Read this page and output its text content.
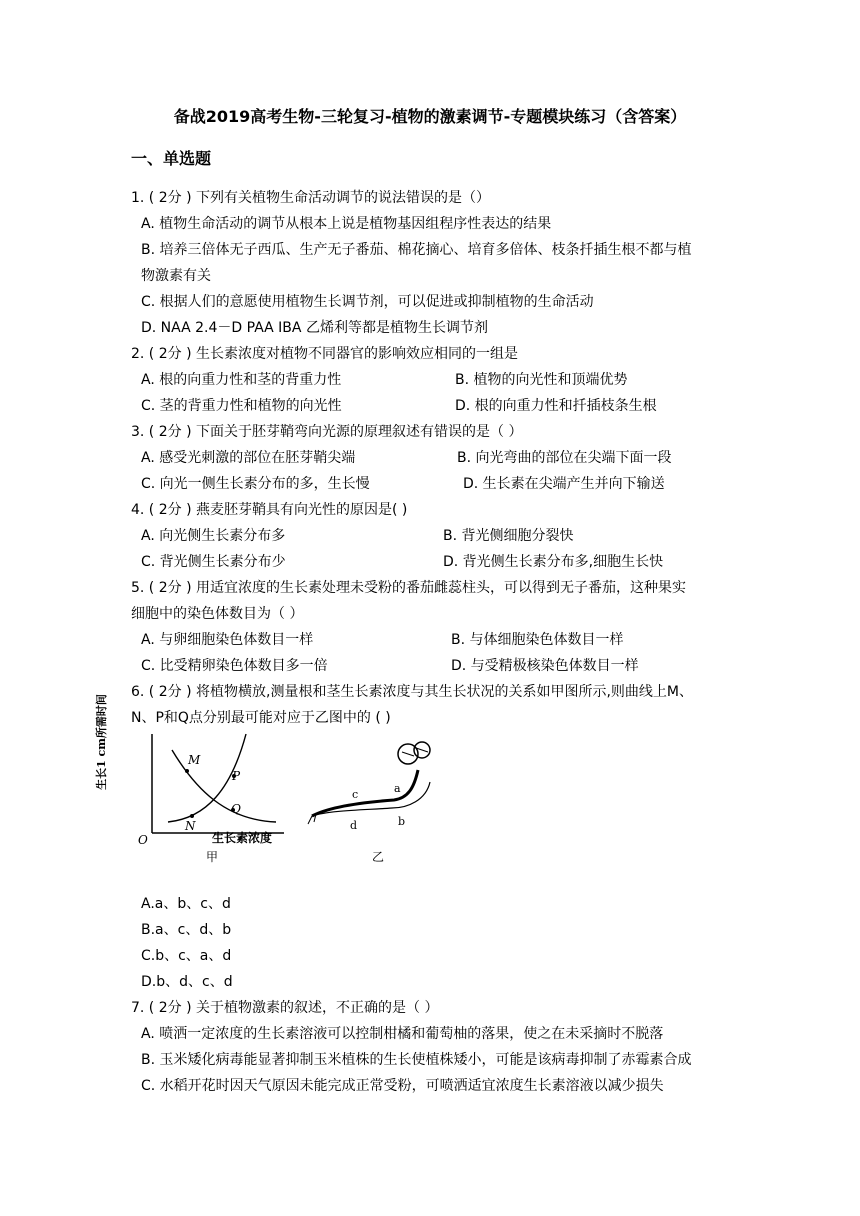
备战2019高考生物-三轮复习-植物的激素调节-专题模块练习（含答案）
一、单选题
1. ( 2分 ) 下列有关植物生命活动调节的说法错误的是（）
A. 植物生命活动的调节从根本上说是植物基因组程序性表达的结果
B. 培养三倍体无子西瓜、生产无子番茄、棉花摘心、培育多倍体、枝条扦插生根不都与植
物激素有关
C. 根据人们的意愿使用植物生长调节剂，可以促进或抑制植物的生命活动
D. NAA 2.4－D PAA IBA 乙烯利等都是植物生长调节剂
2. ( 2分 ) 生长素浓度对植物不同器官的影响效应相同的一组是
A. 根的向重力性和茎的背重力性	B. 植物的向光性和顶端优势
C. 茎的背重力性和植物的向光性	D. 根的向重力性和扦插枝条生根
3. ( 2分 ) 下面关于胚芽鞘弯向光源的原理叙述有错误的是（ ）
A. 感受光刺激的部位在胚芽鞘尖端	B. 向光弯曲的部位在尖端下面一段
C. 向光一侧生长素分布的多，生长慢	D. 生长素在尖端产生并向下输送
4. ( 2分 ) 燕麦胚芽鞘具有向光性的原因是( )
A. 向光侧生长素分布多	B. 背光侧细胞分裂快
C. 背光侧生长素分布少	D. 背光侧生长素分布多,细胞生长快
5. ( 2分 ) 用适宜浓度的生长素处理未受粉的番茄雌蕊柱头，可以得到无子番茄，这种果实
细胞中的染色体数目为（ ）
A. 与卵细胞染色体数目一样	B. 与体细胞染色体数目一样
C. 比受精卵染色体数目多一倍	D. 与受精极核染色体数目一样
6. ( 2分 ) 将植物横放,测量根和茎生长素浓度与其生长状况的关系如甲图所示,则曲线上M、
N、P和Q点分别最可能对应于乙图中的 ( )
生长1 cm所需时间	M
N
P
Q
O	生长素浓度
甲
c	a
d	b
乙
A.a、b、c、d
B.a、c、d、b
C.b、c、a、d
D.b、d、c、d
7. ( 2分 ) 关于植物激素的叙述，不正确的是（ ）
A. 喷洒一定浓度的生长素溶液可以控制柑橘和葡萄柚的落果，使之在未采摘时不脱落
B. 玉米矮化病毒能显著抑制玉米植株的生长使植株矮小，可能是该病毒抑制了赤霉素合成
C. 水稻开花时因天气原因未能完成正常受粉，可喷洒适宜浓度生长素溶液以减少损失
